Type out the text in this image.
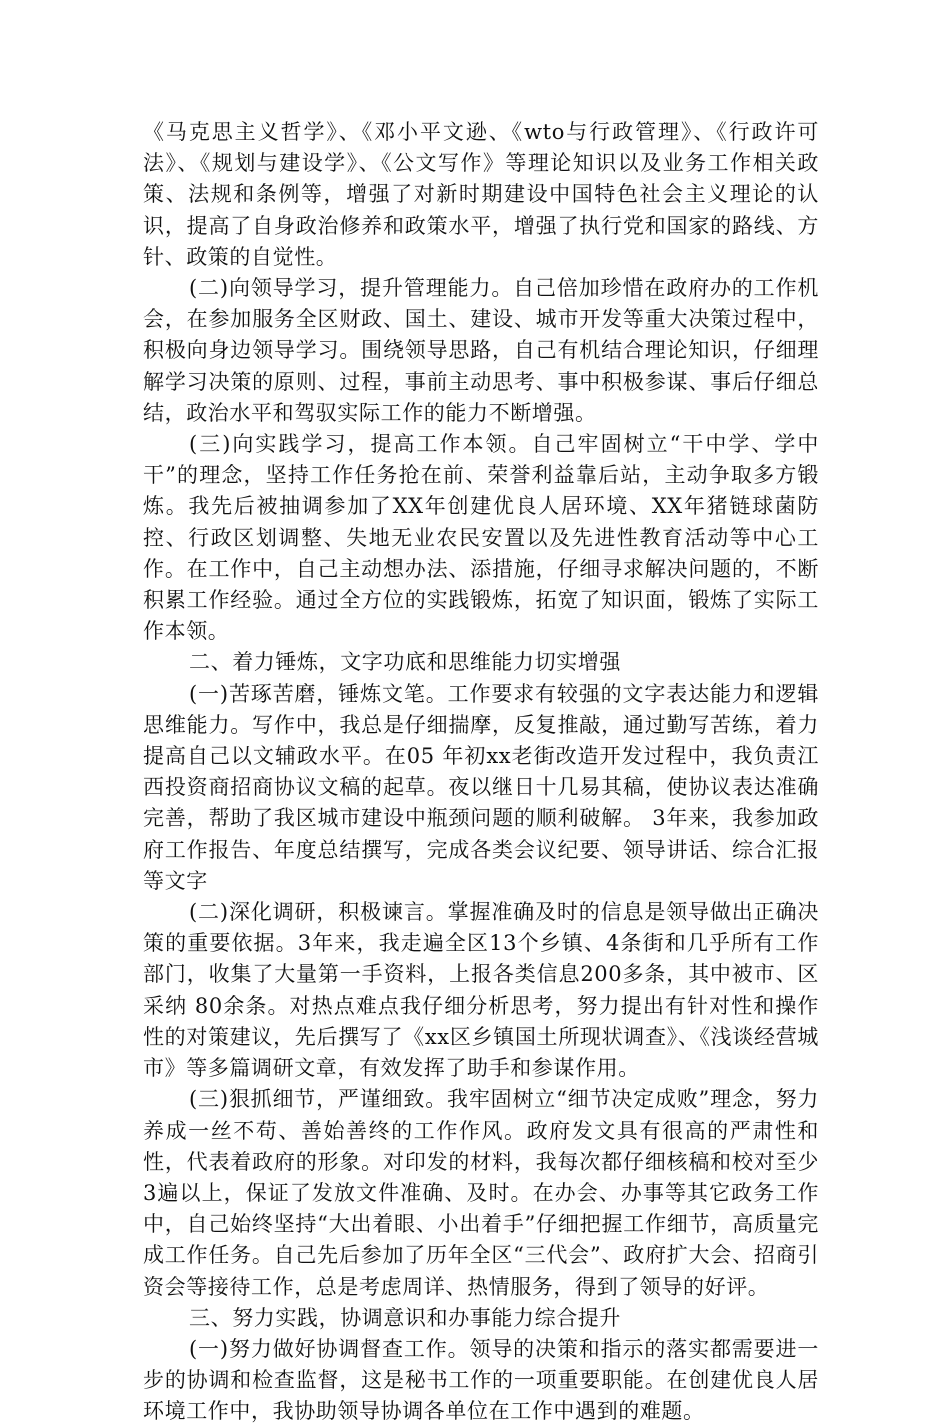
《马克思主义哲学》、《邓小平文逊、《wto与行政管理》、《行政许可法》、《规划与建设学》、《公文写作》等理论知识以及业务工作相关政策、法规和条例等，增强了对新时期建设中国特色社会主义理论的认识，提高了自身政治修养和政策水平，增强了执行党和国家的路线、方针、政策的自觉性。

(二)向领导学习，提升管理能力。自己倍加珍惜在政府办的工作机会，在参加服务全区财政、国土、建设、城市开发等重大决策过程中，积极向身边领导学习。围绕领导思路，自己有机结合理论知识，仔细理解学习决策的原则、过程，事前主动思考、事中积极参谋、事后仔细总结，政治水平和驾驭实际工作的能力不断增强。

(三)向实践学习，提高工作本领。自己牢固树立“干中学、学中干”的理念，坚持工作任务抢在前、荣誉利益靠后站，主动争取多方锻炼。我先后被抽调参加了XX年创建优良人居环境、XX年猪链球菌防控、行政区划调整、失地无业农民安置以及先进性教育活动等中心工作。在工作中，自己主动想办法、添措施，仔细寻求解决问题的，不断积累工作经验。通过全方位的实践锻炼，拓宽了知识面，锻炼了实际工作本领。

二、着力锤炼，文字功底和思维能力切实增强

(一)苦琢苦磨，锤炼文笔。工作要求有较强的文字表达能力和逻辑思维能力。写作中，我总是仔细揣摩，反复推敲，通过勤写苦练，着力提高自己以文辅政水平。在05 年初xx老街改造开发过程中，我负责江西投资商招商协议文稿的起草。夜以继日十几易其稿，使协议表达准确完善，帮助了我区城市建设中瓶颈问题的顺利破解。 3年来，我参加政府工作报告、年度总结撰写，完成各类会议纪要、领导讲话、综合汇报等文字

(二)深化调研，积极谏言。掌握准确及时的信息是领导做出正确决策的重要依据。3年来，我走遍全区13个乡镇、4条街和几乎所有工作部门，收集了大量第一手资料，上报各类信息200多条，其中被市、区采纳 80余条。对热点难点我仔细分析思考，努力提出有针对性和操作性的对策建议，先后撰写了《xx区乡镇国土所现状调查》、《浅谈经营城市》等多篇调研文章，有效发挥了助手和参谋作用。

(三)狠抓细节，严谨细致。我牢固树立“细节决定成败”理念，努力养成一丝不苟、善始善终的工作作风。政府发文具有很高的严肃性和性，代表着政府的形象。对印发的材料，我每次都仔细核稿和校对至少3遍以上，保证了发放文件准确、及时。在办会、办事等其它政务工作中，自己始终坚持“大出着眼、小出着手”仔细把握工作细节，高质量完成工作任务。自己先后参加了历年全区“三代会”、政府扩大会、招商引资会等接待工作，总是考虑周详、热情服务，得到了领导的好评。

三、努力实践，协调意识和办事能力综合提升

(一)努力做好协调督查工作。领导的决策和指示的落实都需要进一步的协调和检查监督，这是秘书工作的一项重要职能。在创建优良人居环境工作中，我协助领导协调各单位在工作中遇到的难题。
